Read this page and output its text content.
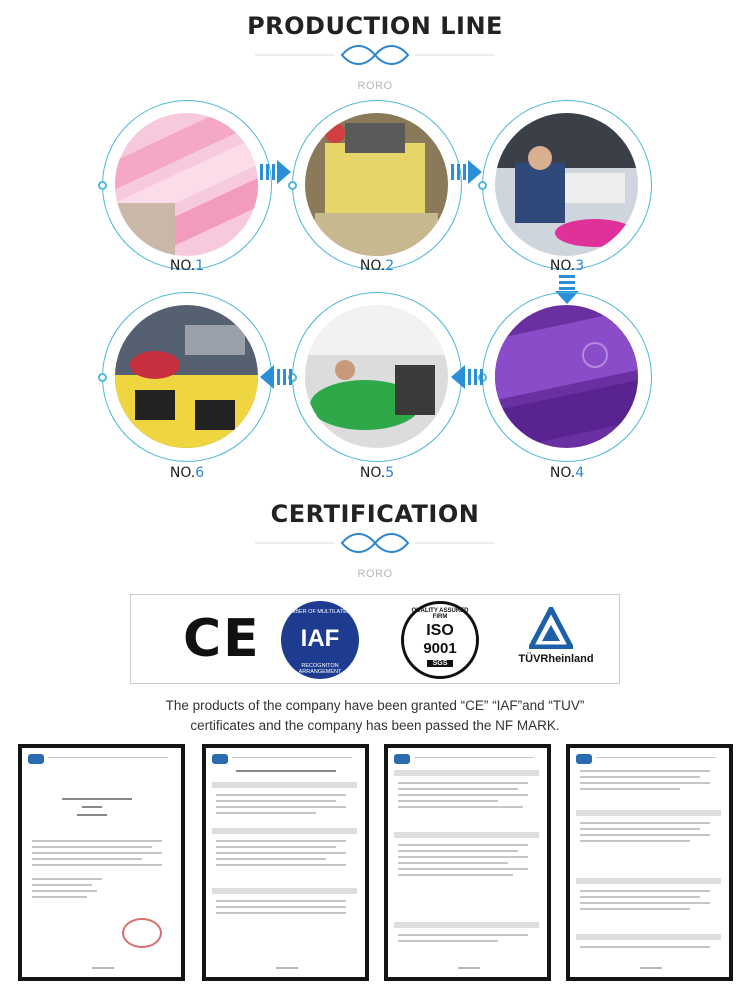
PRODUCTION LINE
RORO
NO.1	NO.2	NO.3
NO.6	NO.5	NO.4
CERTIFICATION
RORO
CE	MEMBER OF MULTILATERAL
IAF
RECOGNITON ARRANGEMENT
QUALITY ASSURED FIRM
ISO
9001
SGS	TÜVRheinland
The products of the company have been granted “CE” “IAF”and “TUV”
certificates and the company has been passed the NF MARK.
